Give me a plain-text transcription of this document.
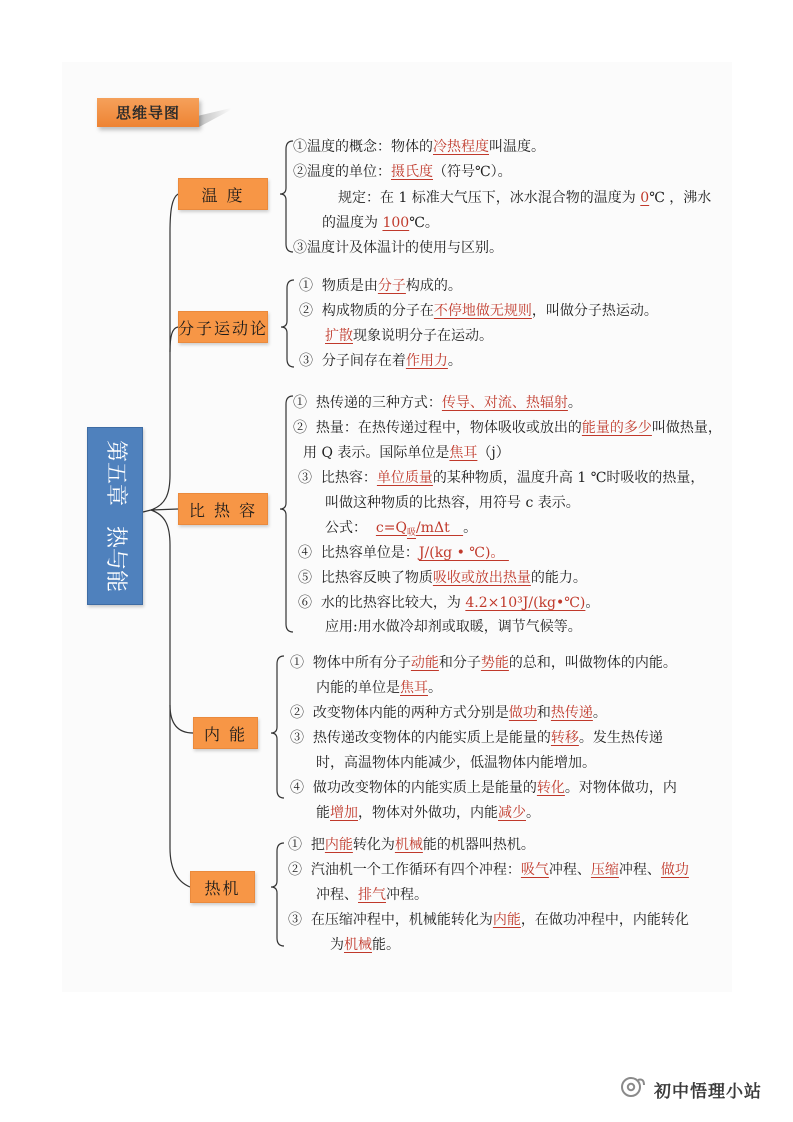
思维导图
第五章
热与能
温 度
分子运动论
比 热 容
内 能
热机
①温度的概念：物体的冷热程度叫温度。
②温度的单位：摄氏度（符号℃）。
规定：在 1 标准大气压下，冰水混合物的温度为 0℃ ，沸水
的温度为 100℃。
③温度计及体温计的使用与区别。
①  物质是由分子构成的。
②  构成物质的分子在不停地做无规则，叫做分子热运动。
扩散现象说明分子在运动。
③  分子间存在着作用力。
①  热传递的三种方式：传导、对流、热辐射。
②  热量：在热传递过程中，物体吸收或放出的能量的多少叫做热量，
用 Q 表示。国际单位是焦耳（j）
③  比热容：单位质量的某种物质，温度升高 1 ℃时吸收的热量，
叫做这种物质的比热容，用符号 c 表示。
公式：  $c=Q_吸$/mΔt   。
④  比热容单位是：J/(kg • ℃)。
⑤  比热容反映了物质吸收或放出热量的能力。
⑥  水的比热容比较大，为 4.2×10³J/(kg•℃)。
应用:用水做冷却剂或取暖，调节气候等。
①  物体中所有分子动能和分子势能的总和，叫做物体的内能。
内能的单位是焦耳。
②  改变物体内能的两种方式分别是做功和热传递。
③  热传递改变物体的内能实质上是能量的转移。发生热传递
时，高温物体内能减少，低温物体内能增加。
④  做功改变物体的内能实质上是能量的转化。对物体做功，内
能增加，物体对外做功，内能减少。
①  把内能转化为机械能的机器叫热机。
②  汽油机一个工作循环有四个冲程：吸气冲程、压缩冲程、做功
冲程、排气冲程。
③  在压缩冲程中，机械能转化为内能，在做功冲程中，内能转化
为机械能。
初中悟理小站
